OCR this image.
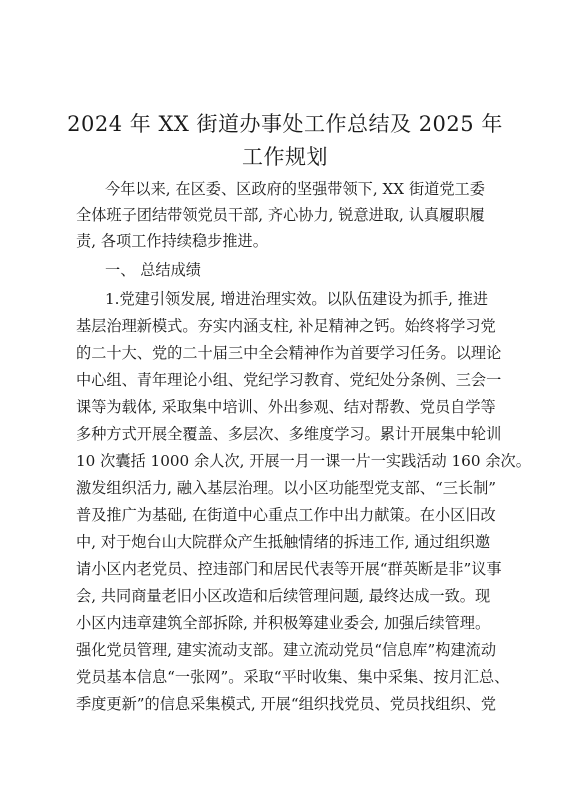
2024 年 XX 街道办事处工作总结及 2025 年
工作规划
今年以来, 在区委、区政府的坚强带领下, XX 街道党工委
全体班子团结带领党员干部, 齐心协力, 锐意进取, 认真履职履
责, 各项工作持续稳步推进。
一、 总结成绩
1.党建引领发展, 增进治理实效。以队伍建设为抓手, 推进
基层治理新模式。夯实内涵支柱, 补足精神之钙。始终将学习党
的二十大、党的二十届三中全会精神作为首要学习任务。以理论
中心组、青年理论小组、党纪学习教育、党纪处分条例、三会一
课等为载体, 采取集中培训、外出参观、结对帮教、党员自学等
多种方式开展全覆盖、多层次、多维度学习。累计开展集中轮训
10 次囊括 1000 余人次, 开展一月一课一片一实践活动 160 余次。
激发组织活力, 融入基层治理。以小区功能型党支部、“三长制”
普及推广为基础, 在街道中心重点工作中出力献策。在小区旧改
中, 对于炮台山大院群众产生抵触情绪的拆违工作, 通过组织邀
请小区内老党员、控违部门和居民代表等开展“群英断是非”议事
会, 共同商量老旧小区改造和后续管理问题, 最终达成一致。现
小区内违章建筑全部拆除, 并积极筹建业委会, 加强后续管理。
强化党员管理, 建实流动支部。建立流动党员“信息库”构建流动
党员基本信息“一张网”。采取“平时收集、集中采集、按月汇总、
季度更新”的信息采集模式, 开展“组织找党员、党员找组织、党
